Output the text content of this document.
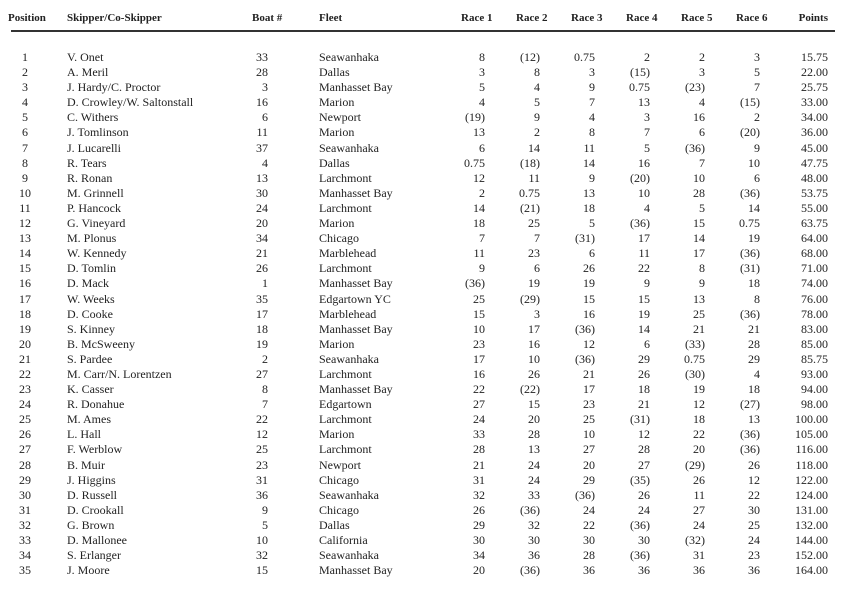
Position Skipper/Co-Skipper	Boat #	Fleet	Race 1 Race 2 Race 3 Race 4 Race 5 Race 6	Points
1	V. Onet	33	Seawanhaka	8	(12)	0.75	2	2	3	15.75
2	A. Meril	28	Dallas	3	8	3	(15)	3	5	22.00
3	J. Hardy/C. Proctor	3	Manhasset Bay	5	4	9	0.75	(23)	7	25.75
4	D. Crowley/W. Saltonstall	16	Marion	4	5	7	13	4	(15)	33.00
5	C. Withers	6	Newport	(19)	9	4	3	16	2	34.00
6	J. Tomlinson	11	Marion	13	2	8	7	6	(20)	36.00
7	J. Lucarelli	37	Seawanhaka	6	14	11	5	(36)	9	45.00
8	R. Tears	4	Dallas	0.75	(18)	14	16	7	10	47.75
9	R. Ronan	13	Larchmont	12	11	9	(20)	10	6	48.00
10	M. Grinnell	30	Manhasset Bay	2	0.75	13	10	28	(36)	53.75
11	P. Hancock	24	Larchmont	14	(21)	18	4	5	14	55.00
12	G. Vineyard	20	Marion	18	25	5	(36)	15	0.75	63.75
13	M. Plonus	34	Chicago	7	7	(31)	17	14	19	64.00
14	W. Kennedy	21	Marblehead	11	23	6	11	17	(36)	68.00
15	D. Tomlin	26	Larchmont	9	6	26	22	8	(31)	71.00
16	D. Mack	1	Manhasset Bay	(36)	19	19	9	9	18	74.00
17	W. Weeks	35	Edgartown YC	25	(29)	15	15	13	8	76.00
18	D. Cooke	17	Marblehead	15	3	16	19	25	(36)	78.00
19	S. Kinney	18	Manhasset Bay	10	17	(36)	14	21	21	83.00
20	B. McSweeny	19	Marion	23	16	12	6	(33)	28	85.00
21	S. Pardee	2	Seawanhaka	17	10	(36)	29	0.75	29	85.75
22	M. Carr/N. Lorentzen	27	Larchmont	16	26	21	26	(30)	4	93.00
23	K. Casser	8	Manhasset Bay	22	(22)	17	18	19	18	94.00
24	R. Donahue	7	Edgartown	27	15	23	21	12	(27)	98.00
25	M. Ames	22	Larchmont	24	20	25	(31)	18	13	100.00
26	L. Hall	12	Marion	33	28	10	12	22	(36)	105.00
27	F. Werblow	25	Larchmont	28	13	27	28	20	(36)	116.00
28	B. Muir	23	Newport	21	24	20	27	(29)	26	118.00
29	J. Higgins	31	Chicago	31	24	29	(35)	26	12	122.00
30	D. Russell	36	Seawanhaka	32	33	(36)	26	11	22	124.00
31	D. Crookall	9	Chicago	26	(36)	24	24	27	30	131.00
32	G. Brown	5	Dallas	29	32	22	(36)	24	25	132.00
33	D. Mallonee	10	California	30	30	30	30	(32)	24	144.00
34	S. Erlanger	32	Seawanhaka	34	36	28	(36)	31	23	152.00
35	J. Moore	15	Manhasset Bay	20	(36)	36	36	36	36	164.00
